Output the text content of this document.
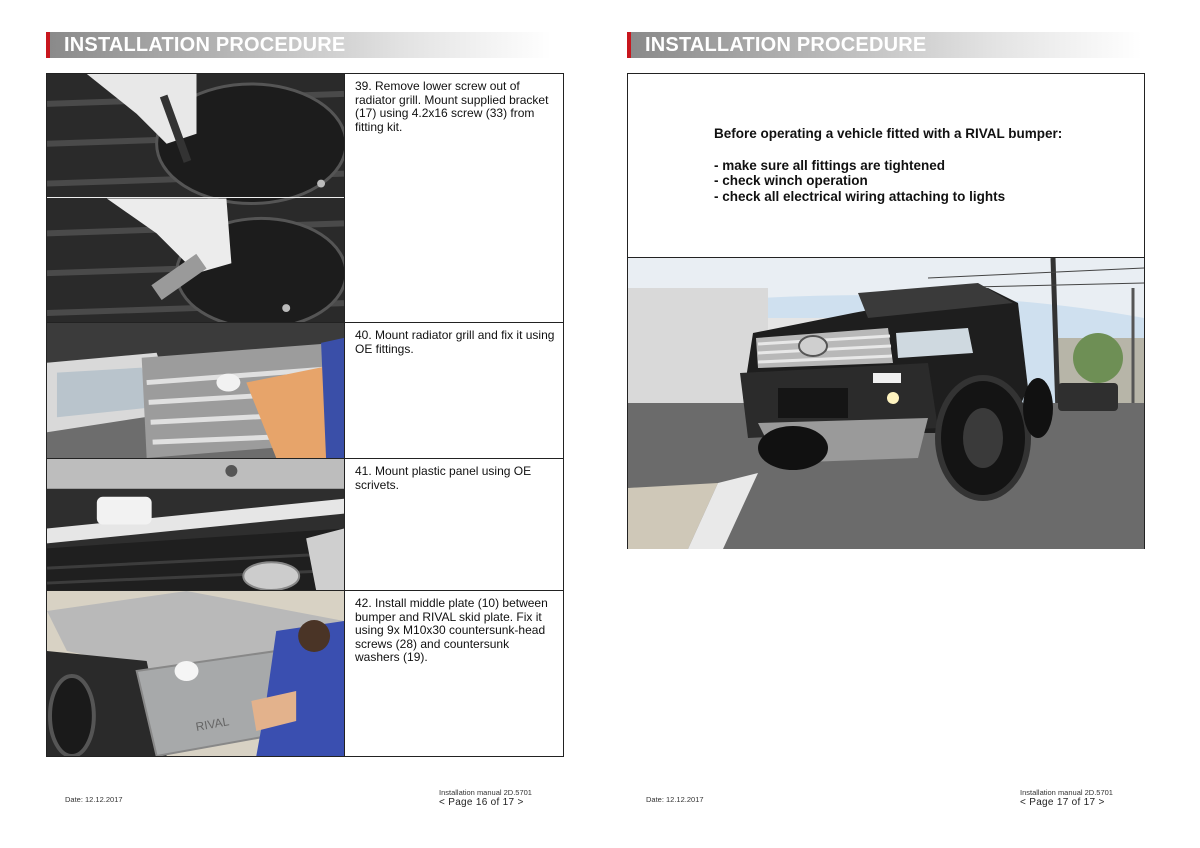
INSTALLATION PROCEDURE
39. Remove lower screw out of radiator grill. Mount supplied bracket (17) using 4.2x16 screw (33) from fitting kit.
40. Mount radiator grill and fix it using OE fittings.
41. Mount plastic panel using OE scrivets.
RIVAL
42. Install middle plate (10) between bumper and RIVAL skid plate. Fix it using 9x M10x30 countersunk-head screws (28) and countersunk washers (19).
Date: 12.12.2017
Installation manual 2D.5701
< Page 16 of 17 >
INSTALLATION PROCEDURE
Before operating a vehicle fitted with a RIVAL bumper:

- make sure all fittings are tightened

- check winch operation

- check all electrical wiring attaching to lights

Date: 12.12.2017
Installation manual 2D.5701
< Page 17 of 17 >
